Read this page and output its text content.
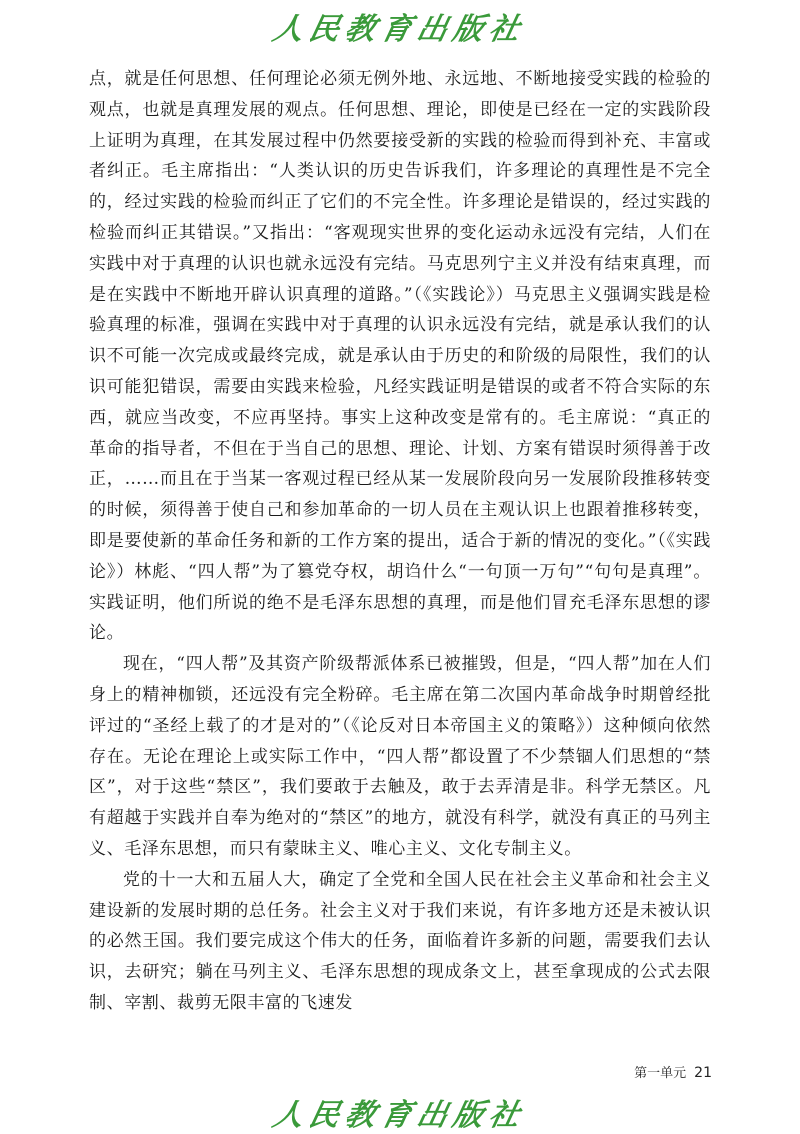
人民教育出版社

点，就是任何思想、任何理论必须无例外地、永远地、不断地接受实践的检验的观点，也就是真理发展的观点。任何思想、理论，即使是已经在一定的实践阶段上证明为真理，在其发展过程中仍然要接受新的实践的检验而得到补充、丰富或者纠正。毛主席指出：“人类认识的历史告诉我们，许多理论的真理性是不完全的，经过实践的检验而纠正了它们的不完全性。许多理论是错误的，经过实践的检验而纠正其错误。”又指出：“客观现实世界的变化运动永远没有完结，人们在实践中对于真理的认识也就永远没有完结。马克思列宁主义并没有结束真理，而是在实践中不断地开辟认识真理的道路。”（《实践论》）马克思主义强调实践是检验真理的标准，强调在实践中对于真理的认识永远没有完结，就是承认我们的认识不可能一次完成或最终完成，就是承认由于历史的和阶级的局限性，我们的认识可能犯错误，需要由实践来检验，凡经实践证明是错误的或者不符合实际的东西，就应当改变，不应再坚持。事实上这种改变是常有的。毛主席说：“真正的革命的指导者，不但在于当自己的思想、理论、计划、方案有错误时须得善于改正，……而且在于当某一客观过程已经从某一发展阶段向另一发展阶段推移转变的时候，须得善于使自己和参加革命的一切人员在主观认识上也跟着推移转变，即是要使新的革命任务和新的工作方案的提出，适合于新的情况的变化。”（《实践论》）林彪、“四人帮”为了篡党夺权，胡诌什么“一句顶一万句”“句句是真理”。实践证明，他们所说的绝不是毛泽东思想的真理，而是他们冒充毛泽东思想的谬论。

现在，“四人帮”及其资产阶级帮派体系已被摧毁，但是，“四人帮”加在人们身上的精神枷锁，还远没有完全粉碎。毛主席在第二次国内革命战争时期曾经批评过的“圣经上载了的才是对的”（《论反对日本帝国主义的策略》）这种倾向依然存在。无论在理论上或实际工作中，“四人帮”都设置了不少禁锢人们思想的“禁区”，对于这些“禁区”，我们要敢于去触及，敢于去弄清是非。科学无禁区。凡有超越于实践并自奉为绝对的“禁区”的地方，就没有科学，就没有真正的马列主义、毛泽东思想，而只有蒙昧主义、唯心主义、文化专制主义。

党的十一大和五届人大，确定了全党和全国人民在社会主义革命和社会主义建设新的发展时期的总任务。社会主义对于我们来说，有许多地方还是未被认识的必然王国。我们要完成这个伟大的任务，面临着许多新的问题，需要我们去认识，去研究；躺在马列主义、毛泽东思想的现成条文上，甚至拿现成的公式去限制、宰割、裁剪无限丰富的飞速发

第一单元 21
人民教育出版社
